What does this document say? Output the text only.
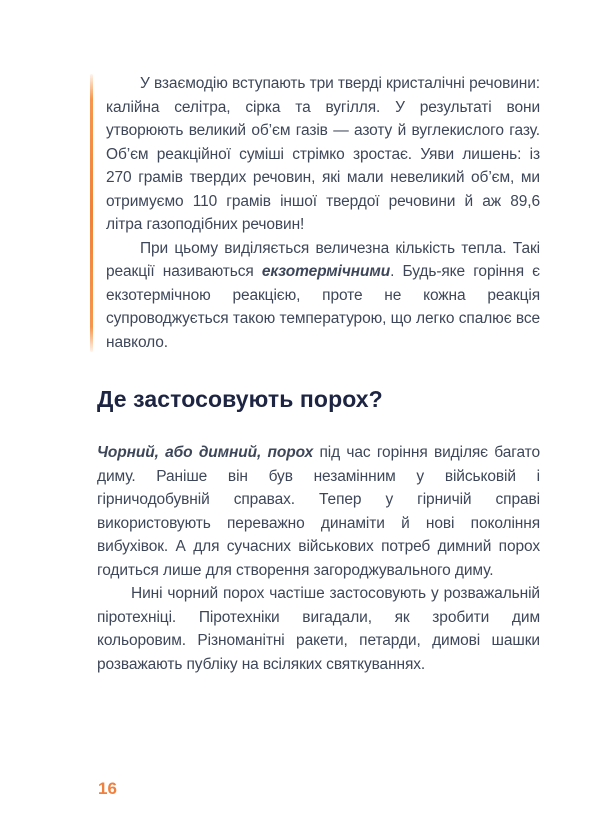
У взаємодію вступають три тверді кристалічні речовини: калійна селітра, сірка та вугілля. У результаті вони утворюють великий об’єм газів — азоту й вуглекислого газу. Об’єм реакційної суміші стрімко зростає. Уяви лишень: із 270 грамів твердих речовин, які мали невеликий об’єм, ми отримуємо 110 грамів іншої твердої речовини й аж 89,6 літра газоподібних речовин!

При цьому виділяється величезна кількість тепла. Такі реакції називаються екзотермічними. Будь-яке горіння є екзотермічною реакцією, проте не кожна реакція супроводжується такою температурою, що легко спалює все навколо.

Де застосовують порох?

Чорний, або димний, порох під час горіння виділяє багато диму. Раніше він був незамінним у військовій і гірничодобувній справах. Тепер у гірничій справі використовують переважно динаміти й нові покоління вибухівок. А для сучасних військових потреб димний порох годиться лише для створення загороджувального диму.

Нині чорний порох частіше застосовують у розважальній піротехніці. Піротехніки вигадали, як зробити дим кольоровим. Різноманітні ракети, петарди, димові шашки розважають публіку на всіляких святкуваннях.

16
